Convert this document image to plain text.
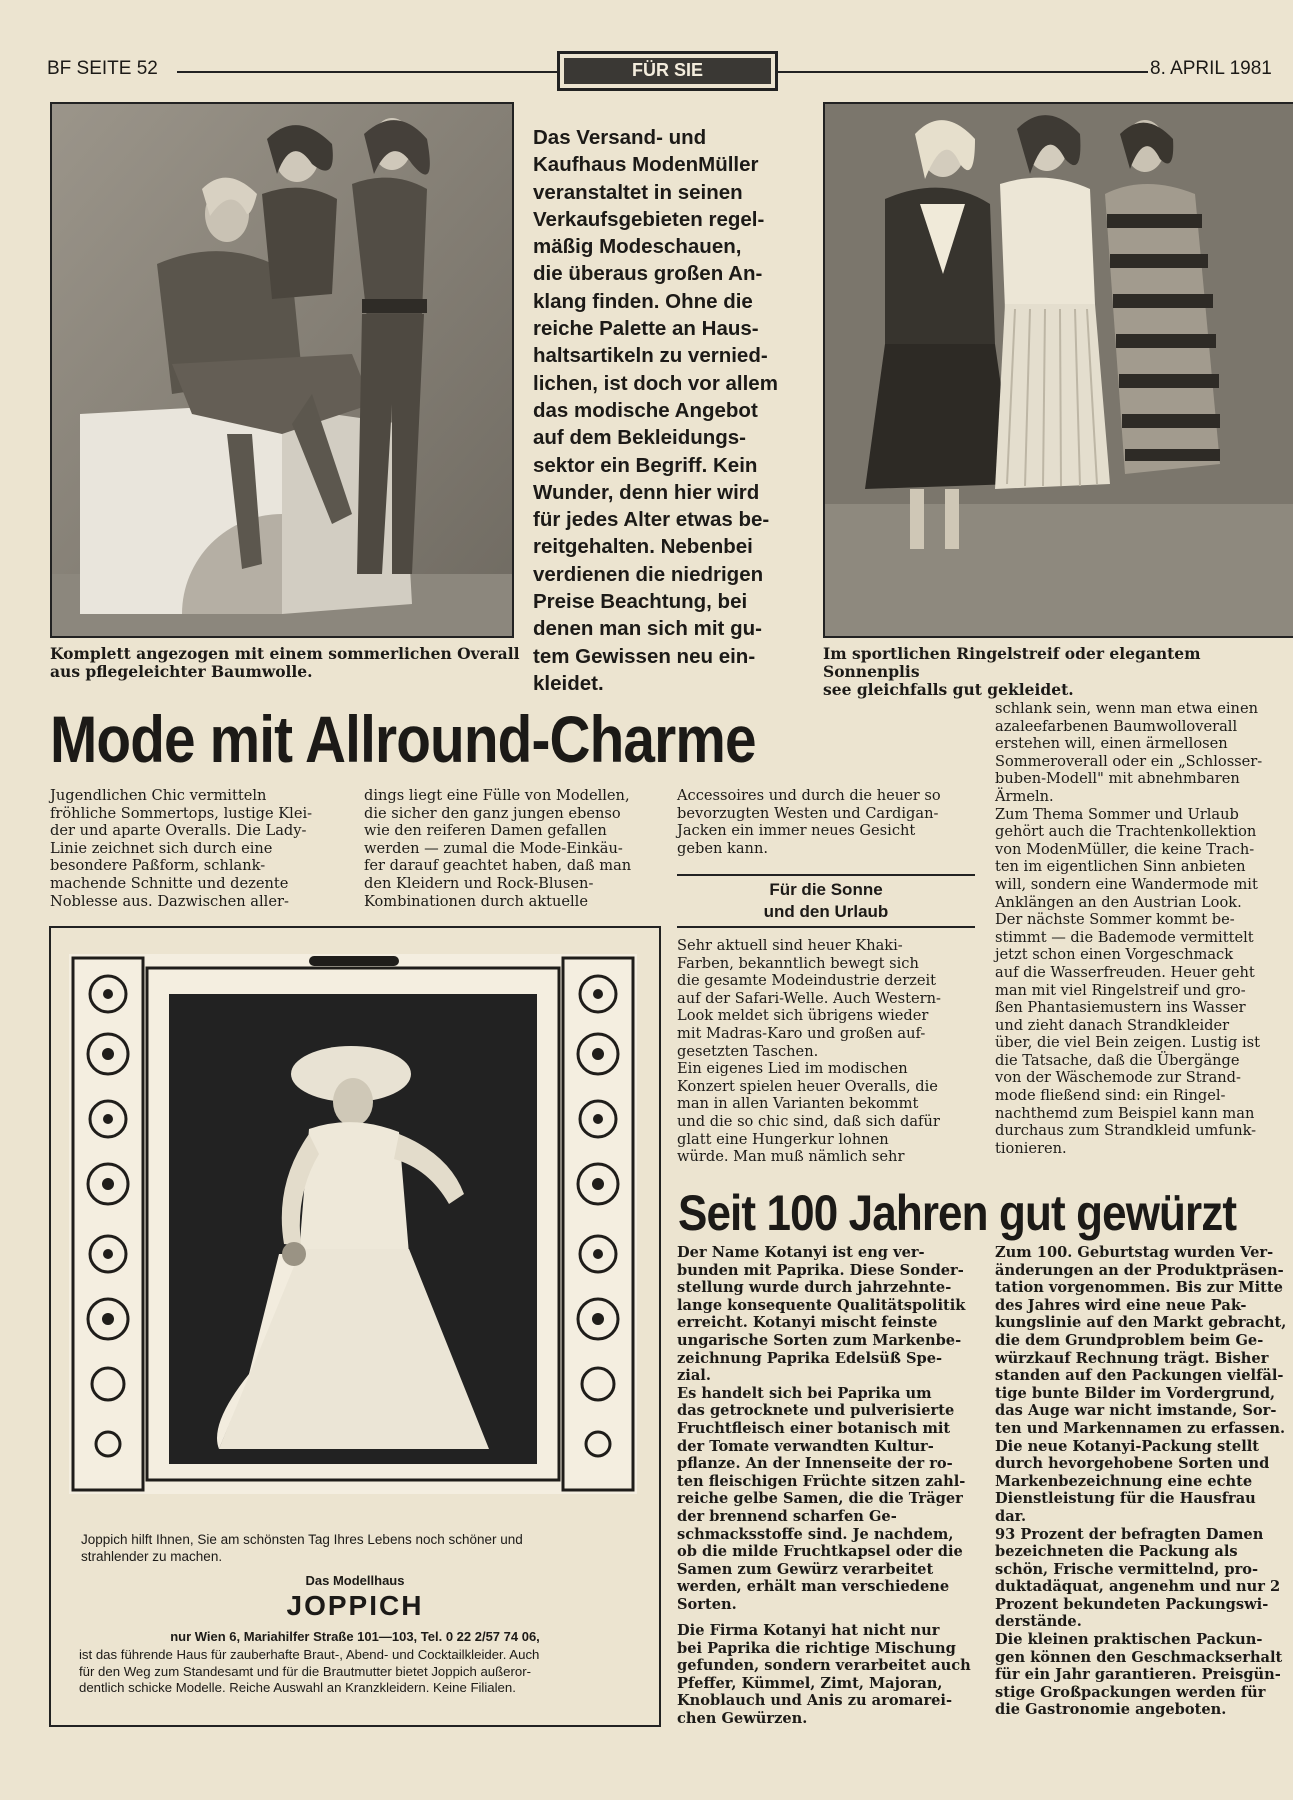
BF SEITE 52	FÜR SIE	8. APRIL 1981
Komplett angezogen mit einem sommerlichen Overall
aus pflegeleichter Baumwolle.
Das Versand- und
Kaufhaus ModenMüller
veranstaltet in seinen
Verkaufsgebieten regel-
mäßig Modeschauen,
die überaus großen An-
klang finden. Ohne die
reiche Palette an Haus-
haltsartikeln zu vernied-
lichen, ist doch vor allem
das modische Angebot
auf dem Bekleidungs-
sektor ein Begriff. Kein
Wunder, denn hier wird
für jedes Alter etwas be-
reitgehalten. Nebenbei
verdienen die niedrigen
Preise Beachtung, bei
denen man sich mit gu-
tem Gewissen neu ein-
kleidet.
Im sportlichen Ringelstreif oder elegantem Sonnenplis
see gleichfalls gut gekleidet.
Mode mit Allround-Charme
Jugendlichen Chic vermitteln
fröhliche Sommertops, lustige Klei-
der und aparte Overalls. Die Lady-
Linie zeichnet sich durch eine
besondere Paßform, schlank-
machende Schnitte und dezente
Noblesse aus. Dazwischen aller-
dings liegt eine Fülle von Modellen,
die sicher den ganz jungen ebenso
wie den reiferen Damen gefallen
werden — zumal die Mode-Einkäu-
fer darauf geachtet haben, daß man
den Kleidern und Rock-Blusen-
Kombinationen durch aktuelle
Accessoires und durch die heuer so
bevorzugten Westen und Cardigan-
Jacken ein immer neues Gesicht
geben kann.
Für die Sonne
und den Urlaub
Sehr aktuell sind heuer Khaki-
Farben, bekanntlich bewegt sich
die gesamte Modeindustrie derzeit
auf der Safari-Welle. Auch Western-
Look meldet sich übrigens wieder
mit Madras-Karo und großen auf-
gesetzten Taschen.
Ein eigenes Lied im modischen
Konzert spielen heuer Overalls, die
man in allen Varianten bekommt
und die so chic sind, daß sich dafür
glatt eine Hungerkur lohnen
würde. Man muß nämlich sehr
schlank sein, wenn man etwa einen
azaleefarbenen Baumwolloverall
erstehen will, einen ärmellosen
Sommeroverall oder ein „Schlosser-
buben-Modell" mit abnehmbaren
Ärmeln.
Zum Thema Sommer und Urlaub
gehört auch die Trachtenkollektion
von ModenMüller, die keine Trach-
ten im eigentlichen Sinn anbieten
will, sondern eine Wandermode mit
Anklängen an den Austrian Look.
Der nächste Sommer kommt be-
stimmt — die Bademode vermittelt
jetzt schon einen Vorgeschmack
auf die Wasserfreuden. Heuer geht
man mit viel Ringelstreif und gro-
ßen Phantasiemustern ins Wasser
und zieht danach Strandkleider
über, die viel Bein zeigen. Lustig ist
die Tatsache, daß die Übergänge
von der Wäschemode zur Strand-
mode fließend sind: ein Ringel-
nachthemd zum Beispiel kann man
durchaus zum Strandkleid umfunk-
tionieren.
Seit 100 Jahren gut gewürzt
Der Name Kotanyi ist eng ver-
bunden mit Paprika. Diese Sonder-
stellung wurde durch jahrzehnte-
lange konsequente Qualitätspolitik
erreicht. Kotanyi mischt feinste
ungarische Sorten zum Markenbe-
zeichnung Paprika Edelsüß Spe-
zial.
Es handelt sich bei Paprika um
das getrocknete und pulverisierte
Fruchtfleisch einer botanisch mit
der Tomate verwandten Kultur-
pflanze. An der Innenseite der ro-
ten fleischigen Früchte sitzen zahl-
reiche gelbe Samen, die die Träger
der brennend scharfen Ge-
schmacksstoffe sind. Je nachdem,
ob die milde Fruchtkapsel oder die
Samen zum Gewürz verarbeitet
werden, erhält man verschiedene
Sorten.
Die Firma Kotanyi hat nicht nur
bei Paprika die richtige Mischung
gefunden, sondern verarbeitet auch
Pfeffer, Kümmel, Zimt, Majoran,
Knoblauch und Anis zu aromarei-
chen Gewürzen.
Zum 100. Geburtstag wurden Ver-
änderungen an der Produktpräsen-
tation vorgenommen. Bis zur Mitte
des Jahres wird eine neue Pak-
kungslinie auf den Markt gebracht,
die dem Grundproblem beim Ge-
würzkauf Rechnung trägt. Bisher
standen auf den Packungen vielfäl-
tige bunte Bilder im Vordergrund,
das Auge war nicht imstande, Sor-
ten und Markennamen zu erfassen.
Die neue Kotanyi-Packung stellt
durch hevorgehobene Sorten und
Markenbezeichnung eine echte
Dienstleistung für die Hausfrau
dar.
93 Prozent der befragten Damen
bezeichneten die Packung als
schön, Frische vermittelnd, pro-
duktadäquat, angenehm und nur 2
Prozent bekundeten Packungswi-
derstände.
Die kleinen praktischen Packun-
gen können den Geschmackserhalt
für ein Jahr garantieren. Preisgün-
stige Großpackungen werden für
die Gastronomie angeboten.
Joppich hilft Ihnen, Sie am schönsten Tag Ihres Lebens noch schöner und
strahlender zu machen.
Das Modellhaus
JOPPICH
nur Wien 6, Mariahilfer Straße 101—103, Tel. 0 22 2/57 74 06,
ist das führende Haus für zauberhafte Braut-, Abend- und Cocktailkleider. Auch
für den Weg zum Standesamt und für die Brautmutter bietet Joppich außeror-
dentlich schicke Modelle. Reiche Auswahl an Kranzkleidern. Keine Filialen.
